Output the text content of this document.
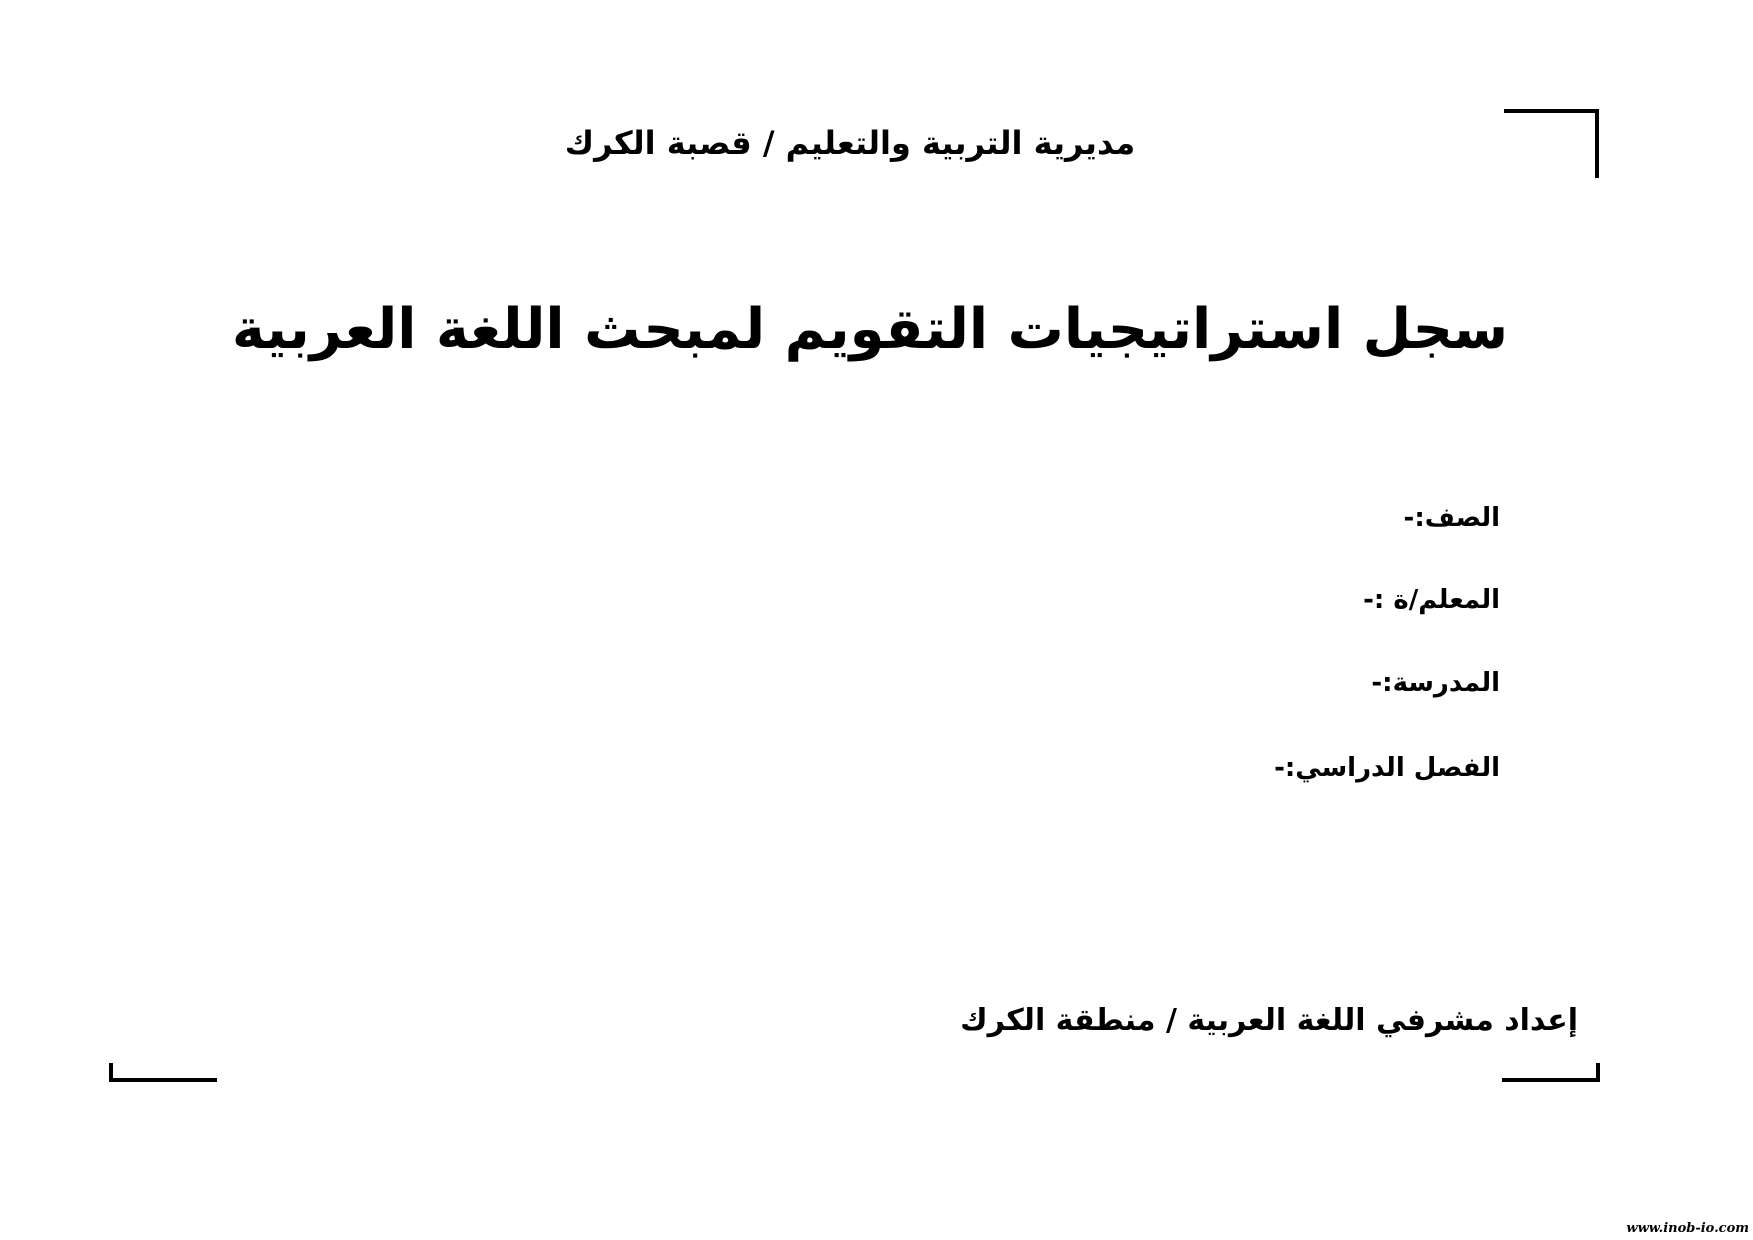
مديرية التربية والتعليم / قصبة الكرك
سجل استراتيجيات التقويم لمبحث اللغة العربية
الصف:-
المعلم/ة :-
المدرسة:-
الفصل الدراسي:-
إعداد مشرفي اللغة العربية / منطقة الكرك
www.inob-io.com
